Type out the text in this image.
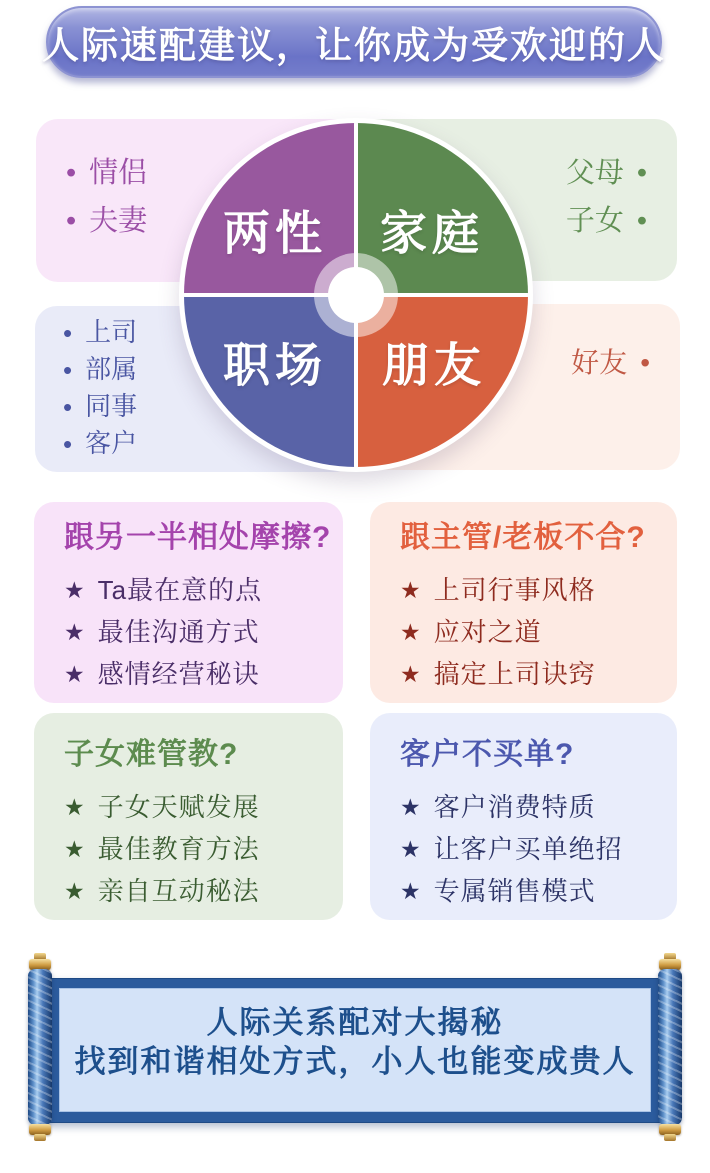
人际速配建议，让你成为受欢迎的人
• 情侣
• 夫妻
父母 •
子女 •
• 上司
• 部属
• 同事
• 客户
好友 •
两性 家庭
职场 朋友
跟另一半相处摩擦?
★ Ta最在意的点
★ 最佳沟通方式
★ 感情经营秘诀
跟主管/老板不合?
★ 上司行事风格
★ 应对之道
★ 搞定上司诀窍
子女难管教?
★ 子女天赋发展
★ 最佳教育方法
★ 亲自互动秘法
客户不买单?
★ 客户消费特质
★ 让客户买单绝招
★ 专属销售模式
人际关系配对大揭秘
找到和谐相处方式，小人也能变成贵人
